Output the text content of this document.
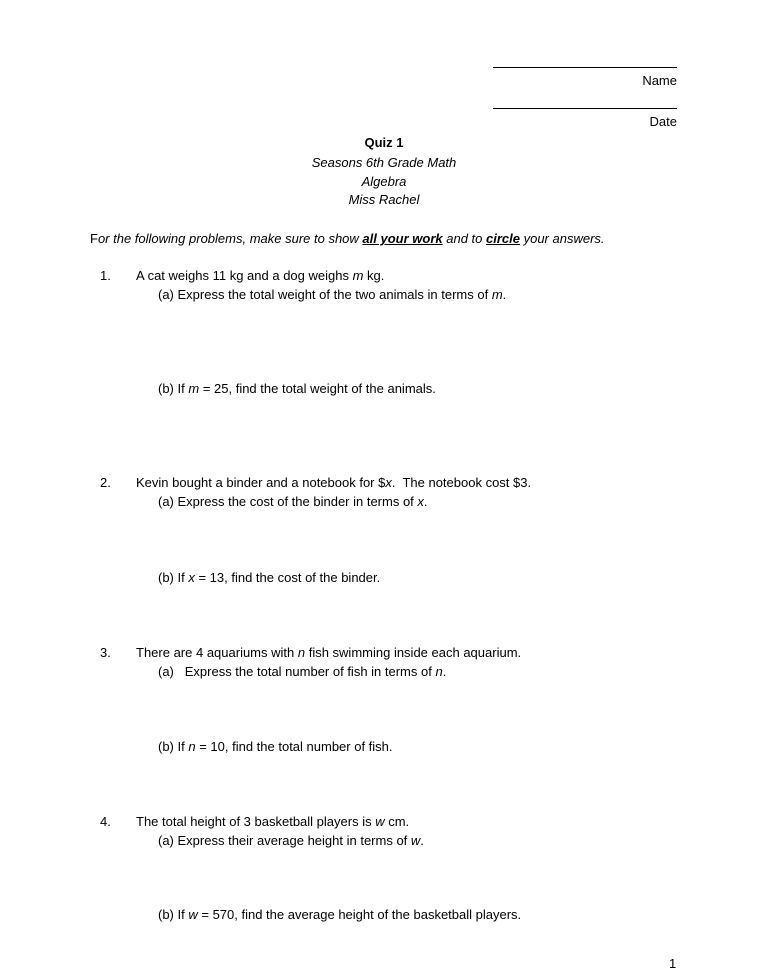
Name
Date
Quiz 1
Seasons 6th Grade Math
Algebra
Miss Rachel
For the following problems, make sure to show all your work and to circle your answers.
1. A cat weighs 11 kg and a dog weighs m kg.
(a) Express the total weight of the two animals in terms of m.
(b) If m = 25, find the total weight of the animals.
2. Kevin bought a binder and a notebook for $x.  The notebook cost $3.
(a) Express the cost of the binder in terms of x.
(b) If x = 13, find the cost of the binder.
3. There are 4 aquariums with n fish swimming inside each aquarium.
(a) Express the total number of fish in terms of n.
(b) If n = 10, find the total number of fish.
4. The total height of 3 basketball players is w cm.
(a) Express their average height in terms of w.
(b) If w = 570, find the average height of the basketball players.
1
